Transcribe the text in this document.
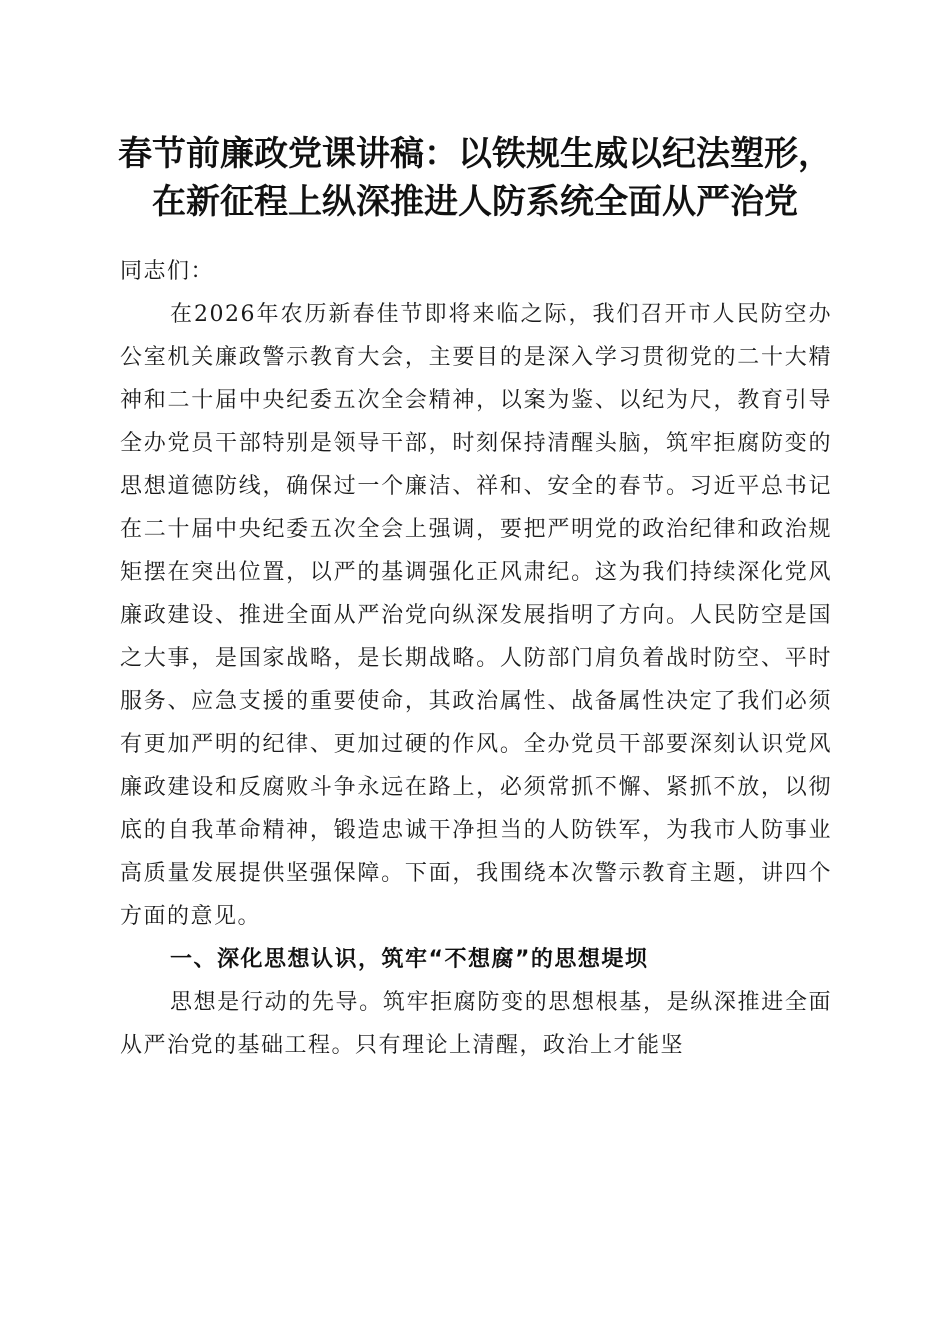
春节前廉政党课讲稿：以铁规生威以纪法塑形，
在新征程上纵深推进人防系统全面从严治党

同志们：

在2026年农历新春佳节即将来临之际，我们召开市人民防空办公室机关廉政警示教育大会，主要目的是深入学习贯彻党的二十大精神和二十届中央纪委五次全会精神，以案为鉴、以纪为尺，教育引导全办党员干部特别是领导干部，时刻保持清醒头脑，筑牢拒腐防变的思想道德防线，确保过一个廉洁、祥和、安全的春节。习近平总书记在二十届中央纪委五次全会上强调，要把严明党的政治纪律和政治规矩摆在突出位置，以严的基调强化正风肃纪。这为我们持续深化党风廉政建设、推进全面从严治党向纵深发展指明了方向。人民防空是国之大事，是国家战略，是长期战略。人防部门肩负着战时防空、平时服务、应急支援的重要使命，其政治属性、战备属性决定了我们必须有更加严明的纪律、更加过硬的作风。全办党员干部要深刻认识党风廉政建设和反腐败斗争永远在路上，必须常抓不懈、紧抓不放，以彻底的自我革命精神，锻造忠诚干净担当的人防铁军，为我市人防事业高质量发展提供坚强保障。下面，我围绕本次警示教育主题，讲四个方面的意见。

一、深化思想认识，筑牢“不想腐”的思想堤坝

思想是行动的先导。筑牢拒腐防变的思想根基，是纵深推进全面从严治党的基础工程。只有理论上清醒，政治上才能坚
